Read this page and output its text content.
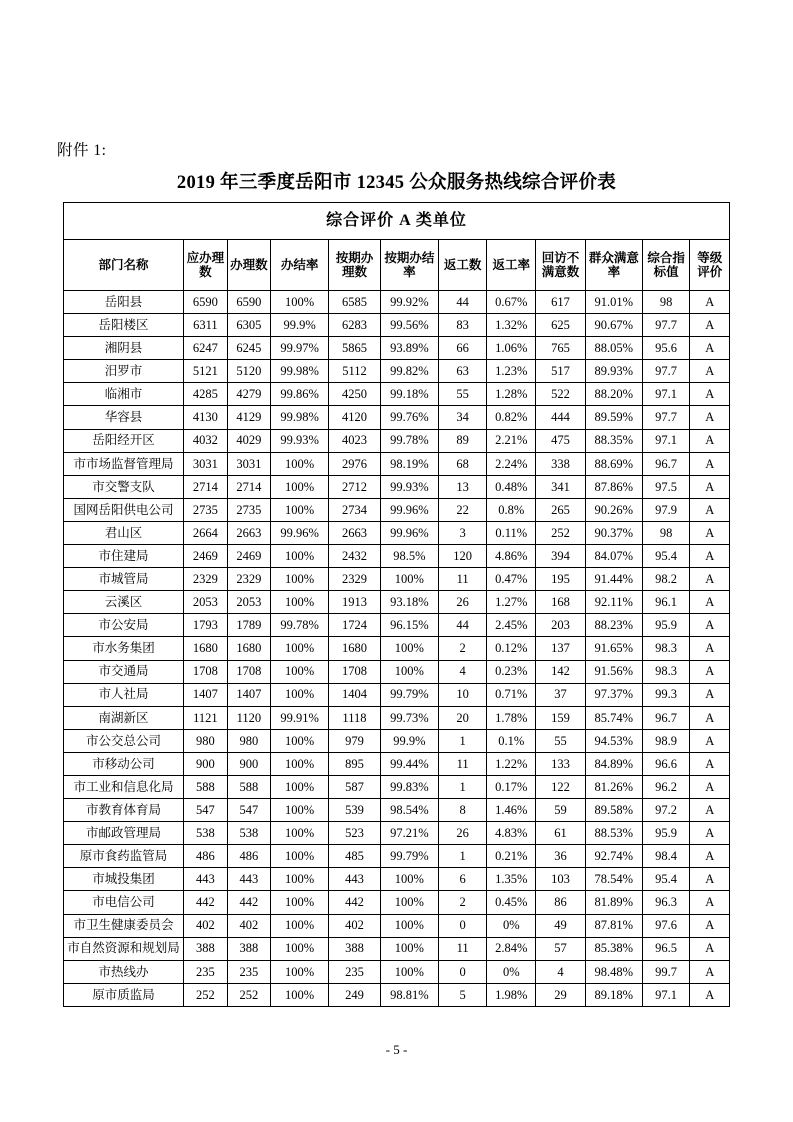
附件 1:
2019 年三季度岳阳市 12345 公众服务热线综合评价表
综合评价 A 类单位											
部门名称	应办理数	办理数	办结率	按期办理数	按期办结率	返工数	返工率	回访不满意数	群众满意率	综合指标值	等级评价
岳阳县	6590	6590	100%	6585	99.92%	44	0.67%	617	91.01%	98	A
岳阳楼区	6311	6305	99.9%	6283	99.56%	83	1.32%	625	90.67%	97.7	A
湘阴县	6247	6245	99.97%	5865	93.89%	66	1.06%	765	88.05%	95.6	A
汨罗市	5121	5120	99.98%	5112	99.82%	63	1.23%	517	89.93%	97.7	A
临湘市	4285	4279	99.86%	4250	99.18%	55	1.28%	522	88.20%	97.1	A
华容县	4130	4129	99.98%	4120	99.76%	34	0.82%	444	89.59%	97.7	A
岳阳经开区	4032	4029	99.93%	4023	99.78%	89	2.21%	475	88.35%	97.1	A
市市场监督管理局	3031	3031	100%	2976	98.19%	68	2.24%	338	88.69%	96.7	A
市交警支队	2714	2714	100%	2712	99.93%	13	0.48%	341	87.86%	97.5	A
国网岳阳供电公司	2735	2735	100%	2734	99.96%	22	0.8%	265	90.26%	97.9	A
君山区	2664	2663	99.96%	2663	99.96%	3	0.11%	252	90.37%	98	A
市住建局	2469	2469	100%	2432	98.5%	120	4.86%	394	84.07%	95.4	A
市城管局	2329	2329	100%	2329	100%	11	0.47%	195	91.44%	98.2	A
云溪区	2053	2053	100%	1913	93.18%	26	1.27%	168	92.11%	96.1	A
市公安局	1793	1789	99.78%	1724	96.15%	44	2.45%	203	88.23%	95.9	A
市水务集团	1680	1680	100%	1680	100%	2	0.12%	137	91.65%	98.3	A
市交通局	1708	1708	100%	1708	100%	4	0.23%	142	91.56%	98.3	A
市人社局	1407	1407	100%	1404	99.79%	10	0.71%	37	97.37%	99.3	A
南湖新区	1121	1120	99.91%	1118	99.73%	20	1.78%	159	85.74%	96.7	A
市公交总公司	980	980	100%	979	99.9%	1	0.1%	55	94.53%	98.9	A
市移动公司	900	900	100%	895	99.44%	11	1.22%	133	84.89%	96.6	A
市工业和信息化局	588	588	100%	587	99.83%	1	0.17%	122	81.26%	96.2	A
市教育体育局	547	547	100%	539	98.54%	8	1.46%	59	89.58%	97.2	A
市邮政管理局	538	538	100%	523	97.21%	26	4.83%	61	88.53%	95.9	A
原市食药监管局	486	486	100%	485	99.79%	1	0.21%	36	92.74%	98.4	A
市城投集团	443	443	100%	443	100%	6	1.35%	103	78.54%	95.4	A
市电信公司	442	442	100%	442	100%	2	0.45%	86	81.89%	96.3	A
市卫生健康委员会	402	402	100%	402	100%	0	0%	49	87.81%	97.6	A
市自然资源和规划局	388	388	100%	388	100%	11	2.84%	57	85.38%	96.5	A
市热线办	235	235	100%	235	100%	0	0%	4	98.48%	99.7	A
原市质监局	252	252	100%	249	98.81%	5	1.98%	29	89.18%	97.1	A
- 5 -
